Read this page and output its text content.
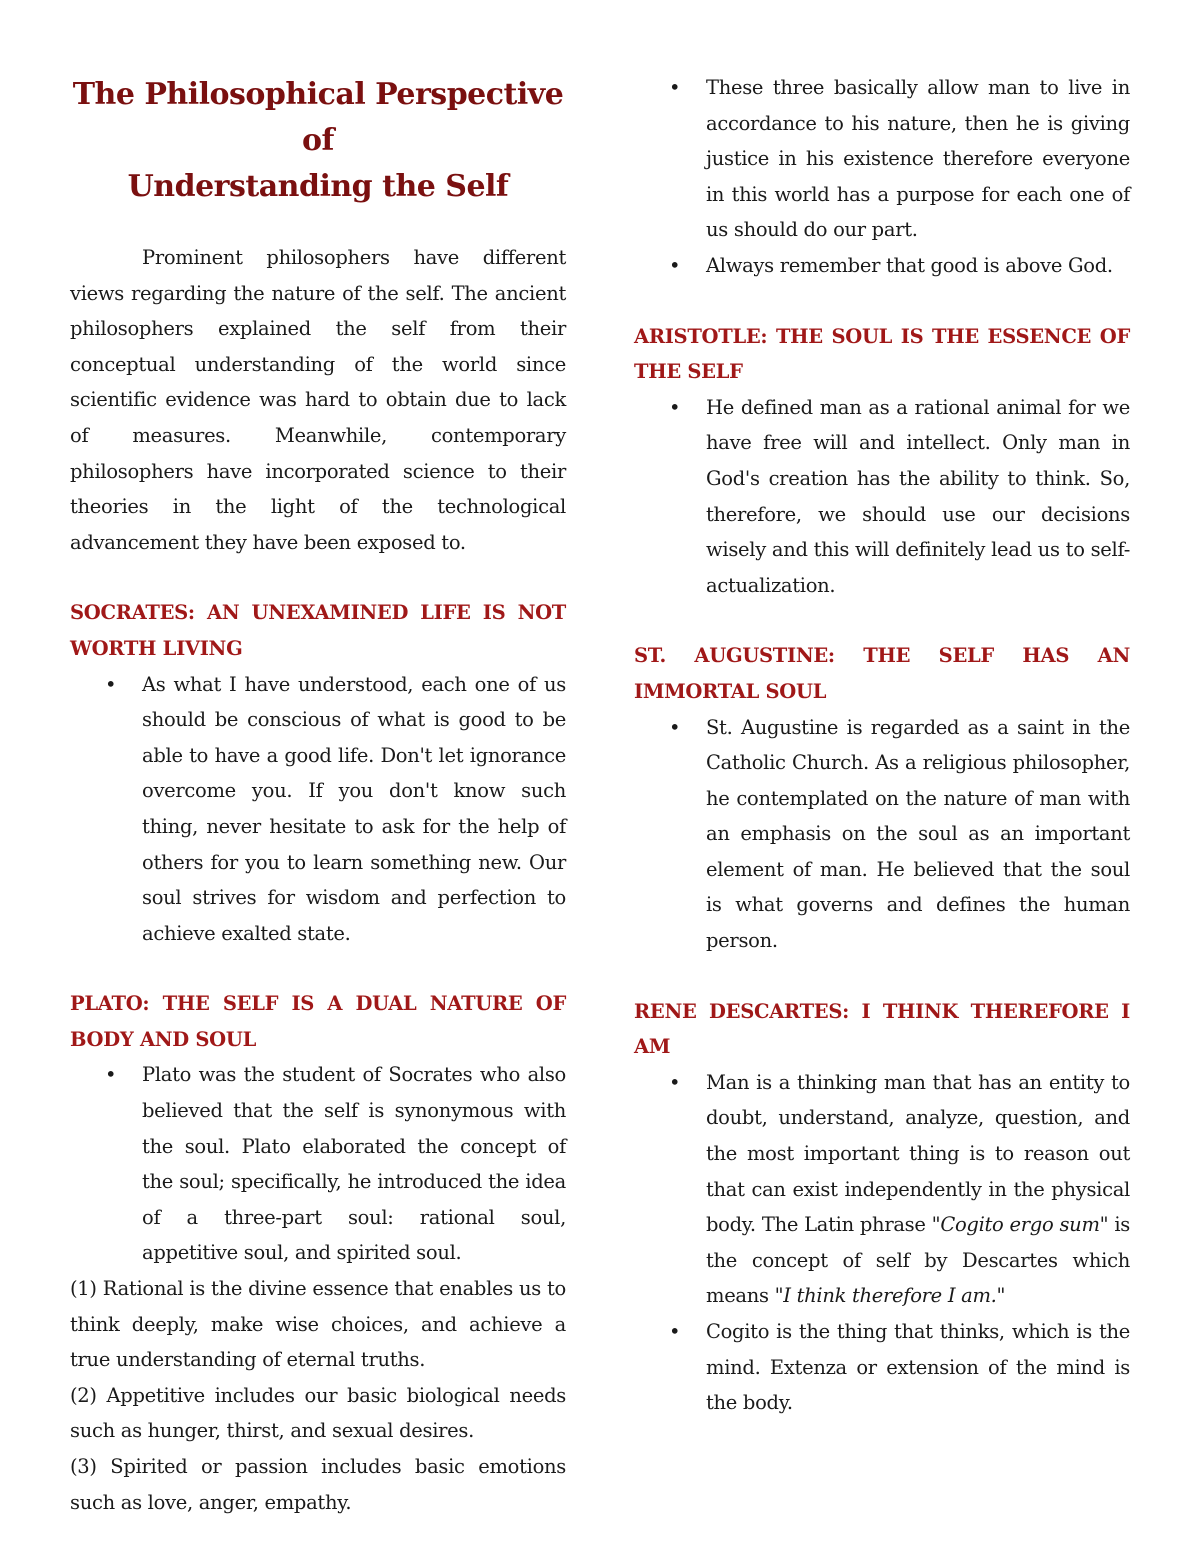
The Philosophical Perspective of
Understanding the Self

Prominent philosophers have different views regarding the nature of the self. The ancient philosophers explained the self from their conceptual understanding of the world since scientific evidence was hard to obtain due to lack of measures. Meanwhile, contemporary philosophers have incorporated science to their theories in the light of the technological advancement they have been exposed to.

SOCRATES: AN UNEXAMINED LIFE IS NOT WORTH LIVING

• As what I have understood, each one of us should be conscious of what is good to be able to have a good life. Don't let ignorance overcome you. If you don't know such thing, never hesitate to ask for the help of others for you to learn something new. Our soul strives for wisdom and perfection to achieve exalted state.

PLATO: THE SELF IS A DUAL NATURE OF BODY AND SOUL

• Plato was the student of Socrates who also believed that the self is synonymous with the soul. Plato elaborated the concept of the soul; specifically, he introduced the idea of a three-part soul: rational soul, appetitive soul, and spirited soul.

(1) Rational is the divine essence that enables us to think deeply, make wise choices, and achieve a true understanding of eternal truths.

(2) Appetitive includes our basic biological needs such as hunger, thirst, and sexual desires.

(3) Spirited or passion includes basic emotions such as love, anger, empathy.

• These three basically allow man to live in accordance to his nature, then he is giving justice in his existence therefore everyone in this world has a purpose for each one of us should do our part.
• Always remember that good is above God.

ARISTOTLE: THE SOUL IS THE ESSENCE OF THE SELF

• He defined man as a rational animal for we have free will and intellect. Only man in God's creation has the ability to think. So, therefore, we should use our decisions wisely and this will definitely lead us to self-actualization.

ST. AUGUSTINE: THE SELF HAS AN IMMORTAL SOUL

• St. Augustine is regarded as a saint in the Catholic Church. As a religious philosopher, he contemplated on the nature of man with an emphasis on the soul as an important element of man. He believed that the soul is what governs and defines the human person.

RENE DESCARTES: I THINK THEREFORE I AM

• Man is a thinking man that has an entity to doubt, understand, analyze, question, and the most important thing is to reason out that can exist independently in the physical body. The Latin phrase "Cogito ergo sum" is the concept of self by Descartes which means "I think therefore I am."
• Cogito is the thing that thinks, which is the mind. Extenza or extension of the mind is the body.
